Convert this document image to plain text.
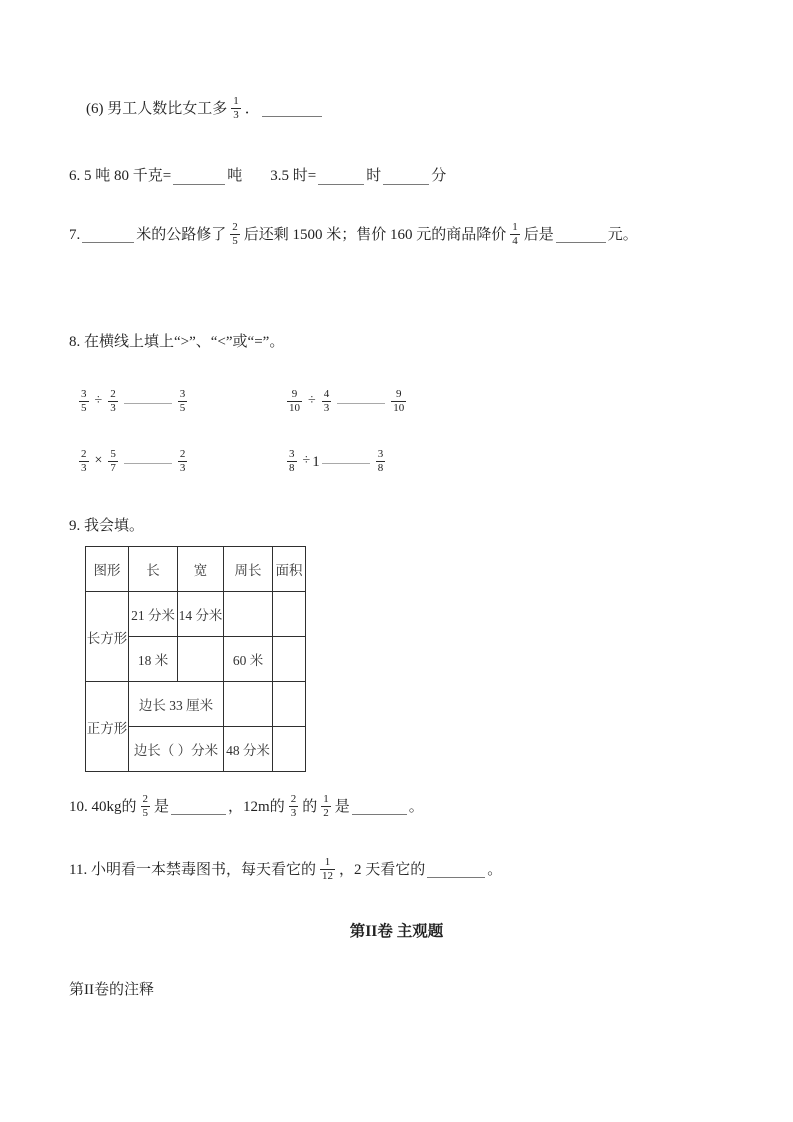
(6) 男工人数比女工多 $\frac{1}{3}$ ．
6. 5 吨 80 千克=	吨 3.5 时=	时	分
7.	米的公路修了 $\frac{2}{5}$ 后还剩 1500 米；售价 160 元的商品降价 $\frac{1}{4}$ 后是	元。
8. 在横线上填上“>”、“<”或“=”。
$\frac{3}{5} \div \frac{2}{3}$	$\frac{3}{5}$	$\frac{9}{10} \div \frac{4}{3}$	$\frac{9}{10}$
$\frac{2}{3} \times \frac{5}{7}$	$\frac{2}{3}$	$\frac{3}{8} \div 1$	$\frac{3}{8}$
9. 我会填。
图形	长	宽	周长	面积
长方形	21 分米	14 分米		
	18 米		60 米	
正方形	边长 33 厘米			
	边长（ ）分米		48 分米	
10. 40kg的 $\frac{2}{5}$ 是	，12m的 $\frac{2}{3}$ 的 $\frac{1}{2}$ 是	。
11. 小明看一本禁毒图书，每天看它的 $\frac{1}{12}$ ，2 天看它的	。
第II卷 主观题
第II卷的注释
